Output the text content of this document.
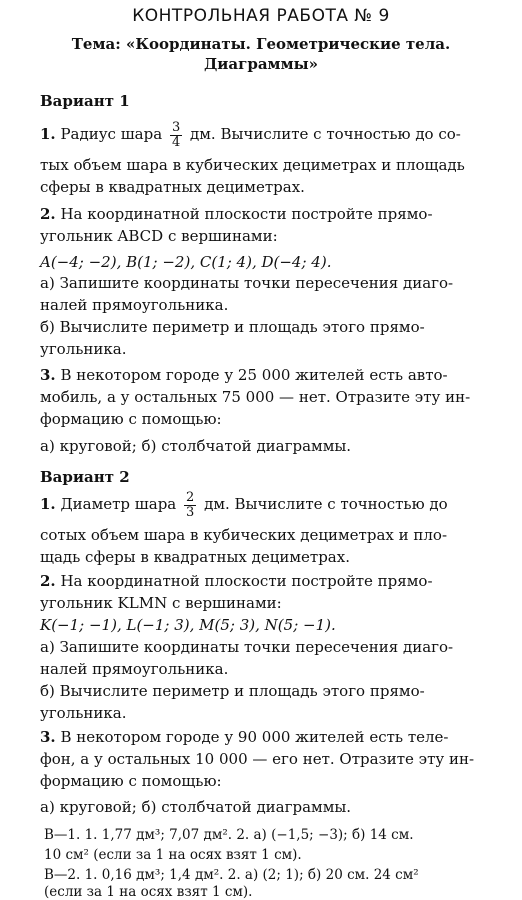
КОНТРОЛЬНАЯ РАБОТА № 9
Тема: «Координаты. Геометрические тела.
Диаграммы»
Вариант 1
1. Радиус шара $\frac{3}{4}$ дм. Вычислите с точностью до со-
тых объем шара в кубических дециметрах и площадь
сферы в квадратных дециметрах.
2. На координатной плоскости постройте прямо-
угольник ABCD с вершинами:
A(−4; −2), B(1; −2), C(1; 4), D(−4; 4).
а) Запишите координаты точки пересечения диаго-
налей прямоугольника.
б) Вычислите периметр и площадь этого прямо-
угольника.
3. В некотором городе у 25 000 жителей есть авто-
мобиль, а у остальных 75 000 — нет. Отразите эту ин-
формацию с помощью:
а) круговой; б) столбчатой диаграммы.
Вариант 2
1. Диаметр шара $\frac{2}{3}$ дм. Вычислите с точностью до
сотых объем шара в кубических дециметрах и пло-
щадь сферы в квадратных дециметрах.
2. На координатной плоскости постройте прямо-
угольник KLMN с вершинами:
K(−1; −1), L(−1; 3), M(5; 3), N(5; −1).
а) Запишите координаты точки пересечения диаго-
налей прямоугольника.
б) Вычислите периметр и площадь этого прямо-
угольника.
3. В некотором городе у 90 000 жителей есть теле-
фон, а у остальных 10 000 — его нет. Отразите эту ин-
формацию с помощью:
а) круговой; б) столбчатой диаграммы.
В—1. 1. 1,77 дм³; 7,07 дм². 2. а) (−1,5; −3); б) 14 см.
10 см² (если за 1 на осях взят 1 см).
В—2. 1. 0,16 дм³; 1,4 дм². 2. а) (2; 1); б) 20 см. 24 см²
(если за 1 на осях взят 1 см).
